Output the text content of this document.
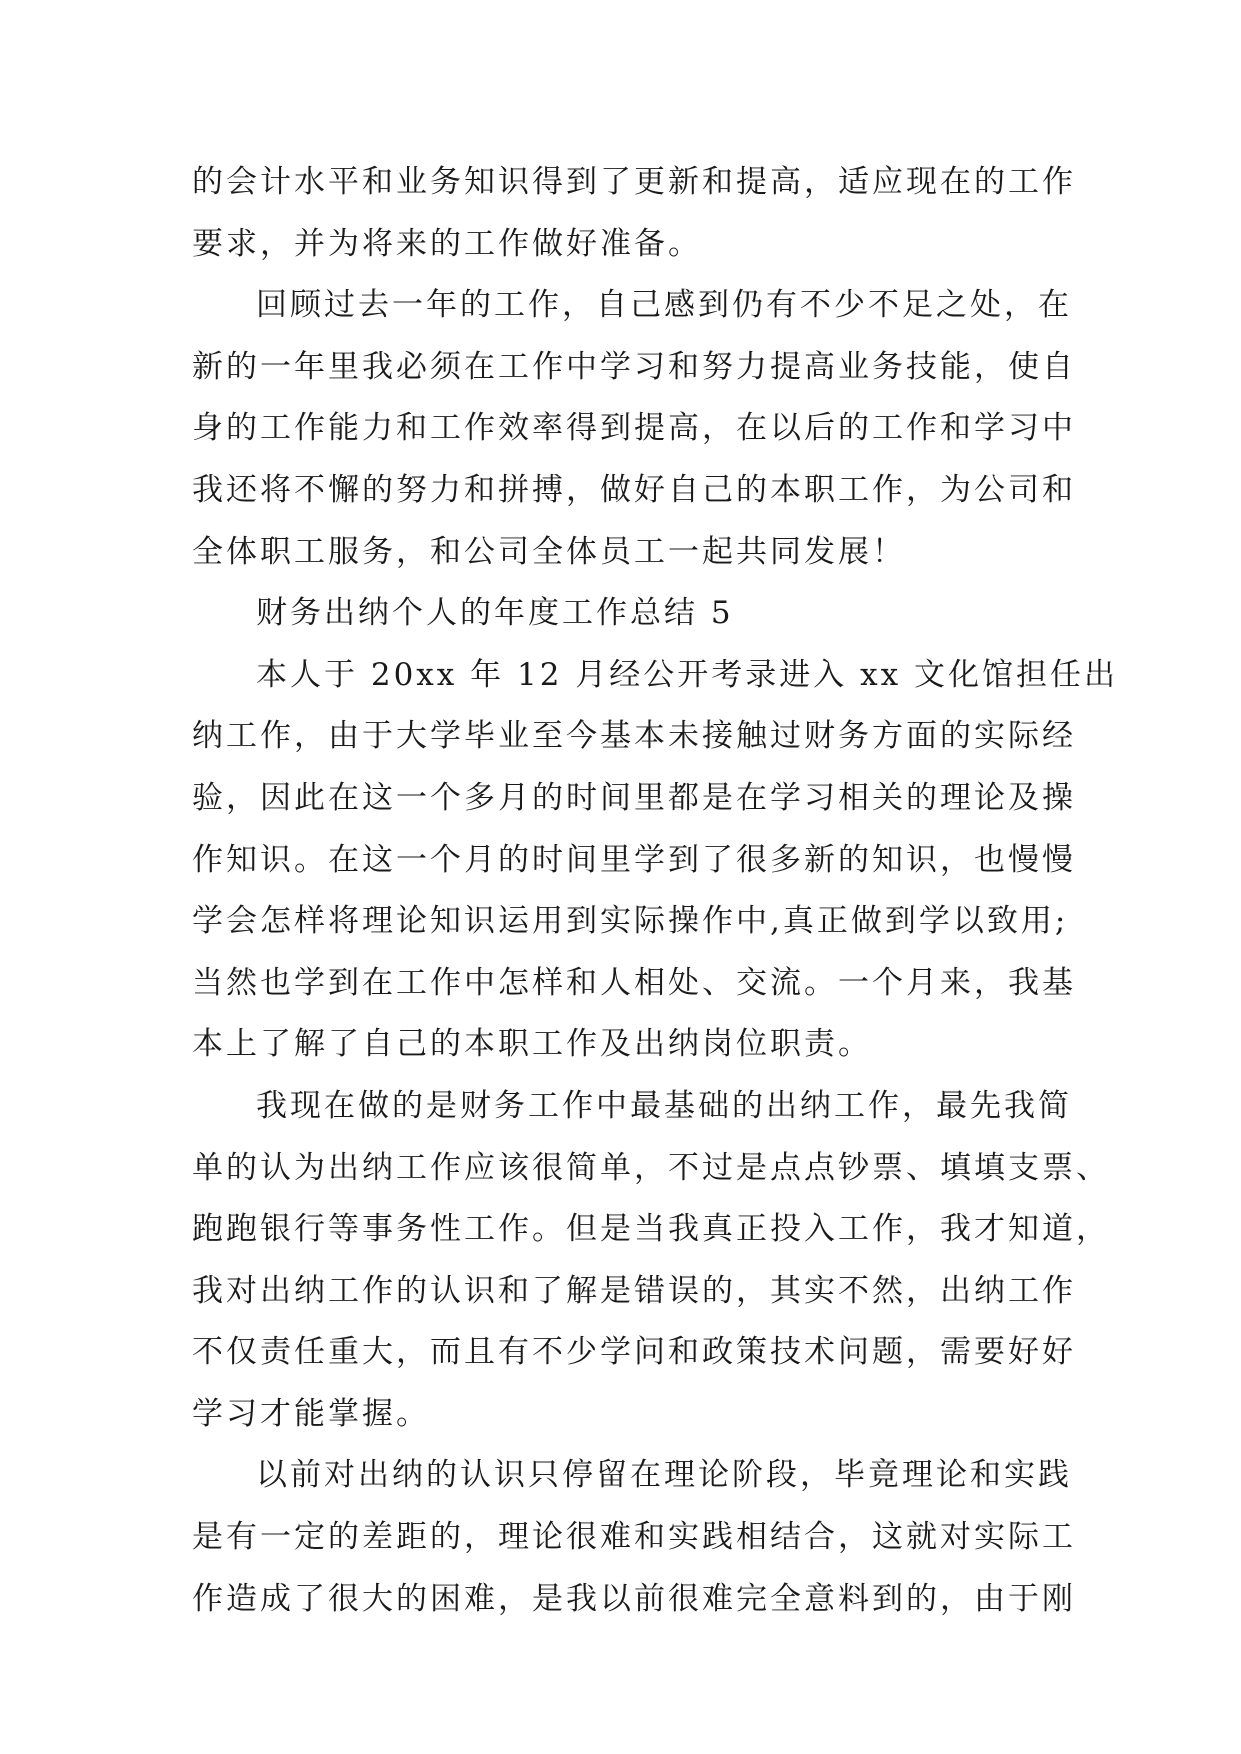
的会计水平和业务知识得到了更新和提高，适应现在的工作
要求，并为将来的工作做好准备。
回顾过去一年的工作，自己感到仍有不少不足之处，在
新的一年里我必须在工作中学习和努力提高业务技能，使自
身的工作能力和工作效率得到提高，在以后的工作和学习中
我还将不懈的努力和拼搏，做好自己的本职工作，为公司和
全体职工服务，和公司全体员工一起共同发展！
财务出纳个人的年度工作总结 5
本人于 20xx 年 12 月经公开考录进入 xx 文化馆担任出
纳工作，由于大学毕业至今基本未接触过财务方面的实际经
验，因此在这一个多月的时间里都是在学习相关的理论及操
作知识。在这一个月的时间里学到了很多新的知识，也慢慢
学会怎样将理论知识运用到实际操作中,真正做到学以致用;
当然也学到在工作中怎样和人相处、交流。一个月来，我基
本上了解了自己的本职工作及出纳岗位职责。
我现在做的是财务工作中最基础的出纳工作，最先我简
单的认为出纳工作应该很简单，不过是点点钞票、填填支票、
跑跑银行等事务性工作。但是当我真正投入工作，我才知道，
我对出纳工作的认识和了解是错误的，其实不然，出纳工作
不仅责任重大，而且有不少学问和政策技术问题，需要好好
学习才能掌握。
以前对出纳的认识只停留在理论阶段，毕竟理论和实践
是有一定的差距的，理论很难和实践相结合，这就对实际工
作造成了很大的困难，是我以前很难完全意料到的，由于刚
